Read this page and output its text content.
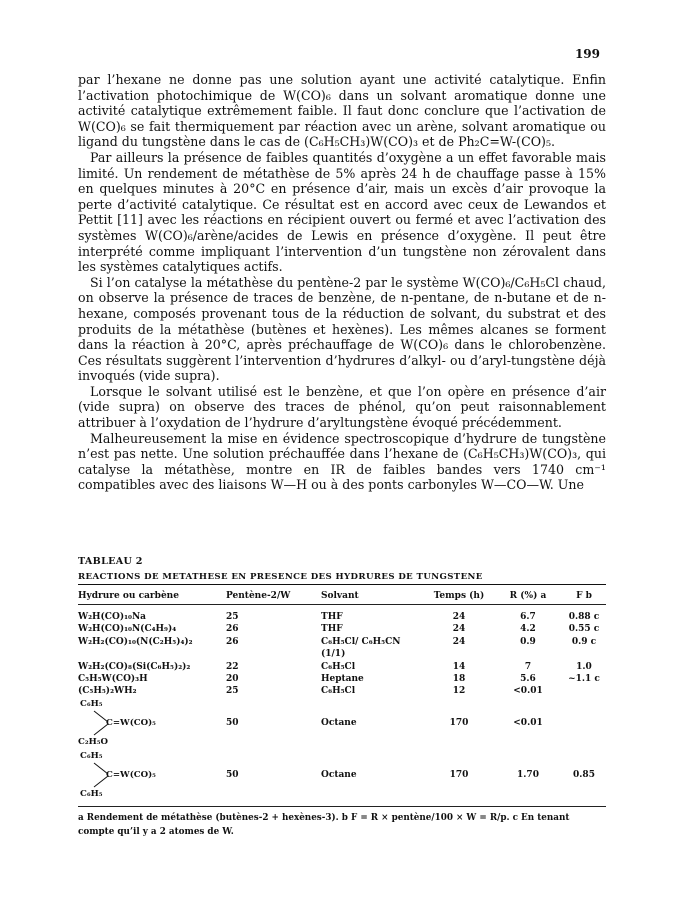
199

par l’hexane ne donne pas une solution ayant une activité catalytique. Enfin l’activation photochimique de W(CO)₆ dans un solvant aromatique donne une activité catalytique extrêmement faible. Il faut donc conclure que l’activation de W(CO)₆ se fait thermiquement par réaction avec un arène, solvant aromatique ou ligand du tungstène dans le cas de (C₆H₅CH₃)W(CO)₃ et de Ph₂C=W-(CO)₅.

Par ailleurs la présence de faibles quantités d’oxygène a un effet favorable mais limité. Un rendement de métathèse de 5% après 24 h de chauffage passe à 15% en quelques minutes à 20°C en présence d’air, mais un excès d’air provoque la perte d’activité catalytique. Ce résultat est en accord avec ceux de Lewandos et Pettit [11] avec les réactions en récipient ouvert ou fermé et avec l’activation des systèmes W(CO)₆/arène/acides de Lewis en présence d’oxygène. Il peut être interprété comme impliquant l’intervention d’un tungstène non zérovalent dans les systèmes catalytiques actifs.

Si l’on catalyse la métathèse du pentène-2 par le système W(CO)₆/C₆H₅Cl chaud, on observe la présence de traces de benzène, de n-pentane, de n-butane et de n-hexane, composés provenant tous de la réduction de solvant, du substrat et des produits de la métathèse (butènes et hexènes). Les mêmes alcanes se forment dans la réaction à 20°C, après préchauffage de W(CO)₆ dans le chlorobenzène. Ces résultats suggèrent l’intervention d’hydrures d’alkyl- ou d’aryl-tungstène déjà invoqués (vide supra).

Lorsque le solvant utilisé est le benzène, et que l’on opère en présence d’air (vide supra) on observe des traces de phénol, qu’on peut raisonnablement attribuer à l’oxydation de l’hydrure d’aryltungstène évoqué précédemment.

Malheureusement la mise en évidence spectroscopique d’hydrure de tungstène n’est pas nette. Une solution préchauffée dans l’hexane de (C₆H₅CH₃)W(CO)₃, qui catalyse la métathèse, montre en IR de faibles bandes vers 1740 cm⁻¹ compatibles avec des liaisons W—H ou à des ponts carbonyles W—CO—W. Une

TABLEAU 2
REACTIONS DE METATHESE EN PRESENCE DES HYDRURES DE TUNGSTENE
Hydrure ou carbène	Pentène-2/W	Solvant	Temps (h)	R (%) a	F b

W₂H(CO)₁₀Na	25	THF	24	6.7	0.88 c
W₂H(CO)₁₀N(C₄H₉)₄	26	THF	24	4.2	0.55 c
W₂H₂(CO)₁₀(N(C₂H₅)₄)₂	26	C₆H₅Cl/ C₆H₅CN (1/1)	24	0.9	0.9 c
W₂H₂(CO)₈(Si(C₆H₅)₂)₂	22	C₆H₅Cl	14	7	1.0
C₅H₅W(CO)₃H	20	Heptane	18	5.6	~1.1 c
(C₅H₅)₂WH₂	25	C₆H₅Cl	12	<0.01	

C₆H₅
C=W(CO)₅
C₂H₅O	50	Octane	170	<0.01	

C₆H₅
C=W(CO)₅
C₆H₅	50	Octane	170	1.70	0.85
a Rendement de métathèse (butènes-2 + hexènes-3). b F = R × pentène/100 × W = R/p. c En tenant compte qu’il y a 2 atomes de W.
